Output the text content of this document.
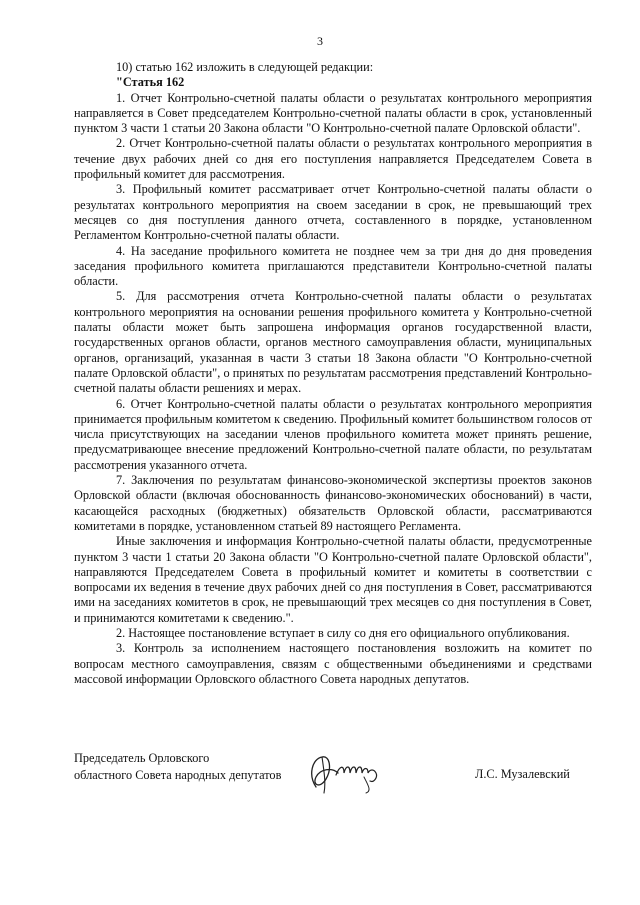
3

10) статью 162 изложить в следующей редакции:

"Статья 162

1. Отчет Контрольно-счетной палаты области о результатах контрольного мероприятия направляется в Совет председателем Контрольно-счетной палаты области в срок, установленный пунктом 3 части 1 статьи 20 Закона области "О Контрольно-счетной палате Орловской области".

2. Отчет Контрольно-счетной палаты области о результатах контрольного мероприятия в течение двух рабочих дней со дня его поступления направляется Председателем Совета в профильный комитет для рассмотрения.

3. Профильный комитет рассматривает отчет Контрольно-счетной палаты области о результатах контрольного мероприятия на своем заседании в срок, не превышающий трех месяцев со дня поступления данного отчета, составленного в порядке, установленном Регламентом Контрольно-счетной палаты области.

4. На заседание профильного комитета не позднее чем за три дня до дня проведения заседания профильного комитета приглашаются представители Контрольно-счетной палаты области.

5. Для рассмотрения отчета Контрольно-счетной палаты области о результатах контрольного мероприятия на основании решения профильного комитета у Контрольно-счетной палаты области может быть запрошена информация органов государственной власти, государственных органов области, органов местного самоуправления области, муниципальных органов, организаций, указанная в части 3 статьи 18 Закона области "О Контрольно-счетной палате Орловской области", о принятых по результатам рассмотрения представлений Контрольно-счетной палаты области решениях и мерах.

6. Отчет Контрольно-счетной палаты области о результатах контрольного мероприятия принимается профильным комитетом к сведению. Профильный комитет большинством голосов от числа присутствующих на заседании членов профильного комитета может принять решение, предусматривающее внесение предложений Контрольно-счетной палате области, по результатам рассмотрения указанного отчета.

7. Заключения по результатам финансово-экономической экспертизы проектов законов Орловской области (включая обоснованность финансово-экономических обоснований) в части, касающейся расходных (бюджетных) обязательств Орловской области, рассматриваются комитетами в порядке, установленном статьей 89 настоящего Регламента.

Иные заключения и информация Контрольно-счетной палаты области, предусмотренные пунктом 3 части 1 статьи 20 Закона области "О Контрольно-счетной палате Орловской области", направляются Председателем Совета в профильный комитет и комитеты в соответствии с вопросами их ведения в течение двух рабочих дней со дня поступления в Совет, рассматриваются ими на заседаниях комитетов в срок, не превышающий трех месяцев со дня поступления в Совет, и принимаются комитетами к сведению.".

2. Настоящее постановление вступает в силу со дня его официального опубликования.

3. Контроль за исполнением настоящего постановления возложить на комитет по вопросам местного самоуправления, связям с общественными объединениями и средствами массовой информации Орловского областного Совета народных депутатов.

Председатель Орловского
областного Совета народных депутатов	Л.С. Музалевский
